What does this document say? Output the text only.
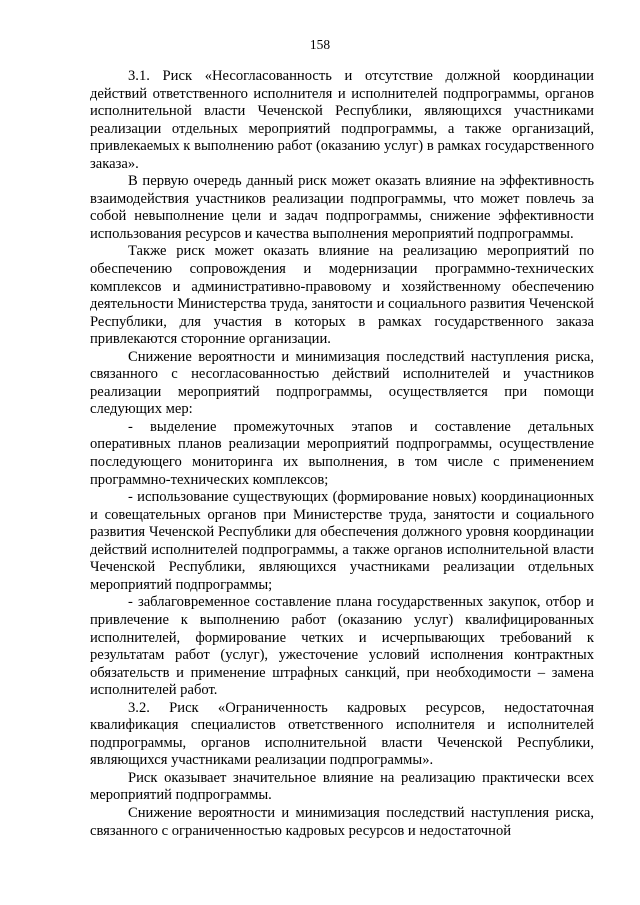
158

3.1. Риск «Несогласованность и отсутствие должной координации действий ответственного исполнителя и исполнителей подпрограммы, органов исполнительной власти Чеченской Республики, являющихся участниками реализации отдельных мероприятий подпрограммы, а также организаций, привлекаемых к выполнению работ (оказанию услуг) в рамках государственного заказа».

В первую очередь данный риск может оказать влияние на эффективность взаимодействия участников реализации подпрограммы, что может повлечь за собой невыполнение цели и задач подпрограммы, снижение эффективности использования ресурсов и качества выполнения мероприятий подпрограммы.

Также риск может оказать влияние на реализацию мероприятий по обеспечению сопровождения и модернизации программно-технических комплексов и административно-правовому и хозяйственному обеспечению деятельности Министерства труда, занятости и социального развития Чеченской Республики, для участия в которых в рамках государственного заказа привлекаются сторонние организации.

Снижение вероятности и минимизация последствий наступления риска, связанного с несогласованностью действий исполнителей и участников реализации мероприятий подпрограммы, осуществляется при помощи следующих мер:

- выделение промежуточных этапов и составление детальных оперативных планов реализации мероприятий подпрограммы, осуществление последующего мониторинга их выполнения, в том числе с применением программно-технических комплексов;

- использование существующих (формирование новых) координационных и совещательных органов при Министерстве труда, занятости и социального развития Чеченской Республики для обеспечения должного уровня координации действий исполнителей подпрограммы, а также органов исполнительной власти Чеченской Республики, являющихся участниками реализации отдельных мероприятий подпрограммы;

- заблаговременное составление плана государственных закупок, отбор и привлечение к выполнению работ (оказанию услуг) квалифицированных исполнителей, формирование четких и исчерпывающих требований к результатам работ (услуг), ужесточение условий исполнения контрактных обязательств и применение штрафных санкций, при необходимости – замена исполнителей работ.

3.2. Риск «Ограниченность кадровых ресурсов, недостаточная квалификация специалистов ответственного исполнителя и исполнителей подпрограммы, органов исполнительной власти Чеченской Республики, являющихся участниками реализации подпрограммы».

Риск оказывает значительное влияние на реализацию практически всех мероприятий подпрограммы.

Снижение вероятности и минимизация последствий наступления риска, связанного с ограниченностью кадровых ресурсов и недостаточной
